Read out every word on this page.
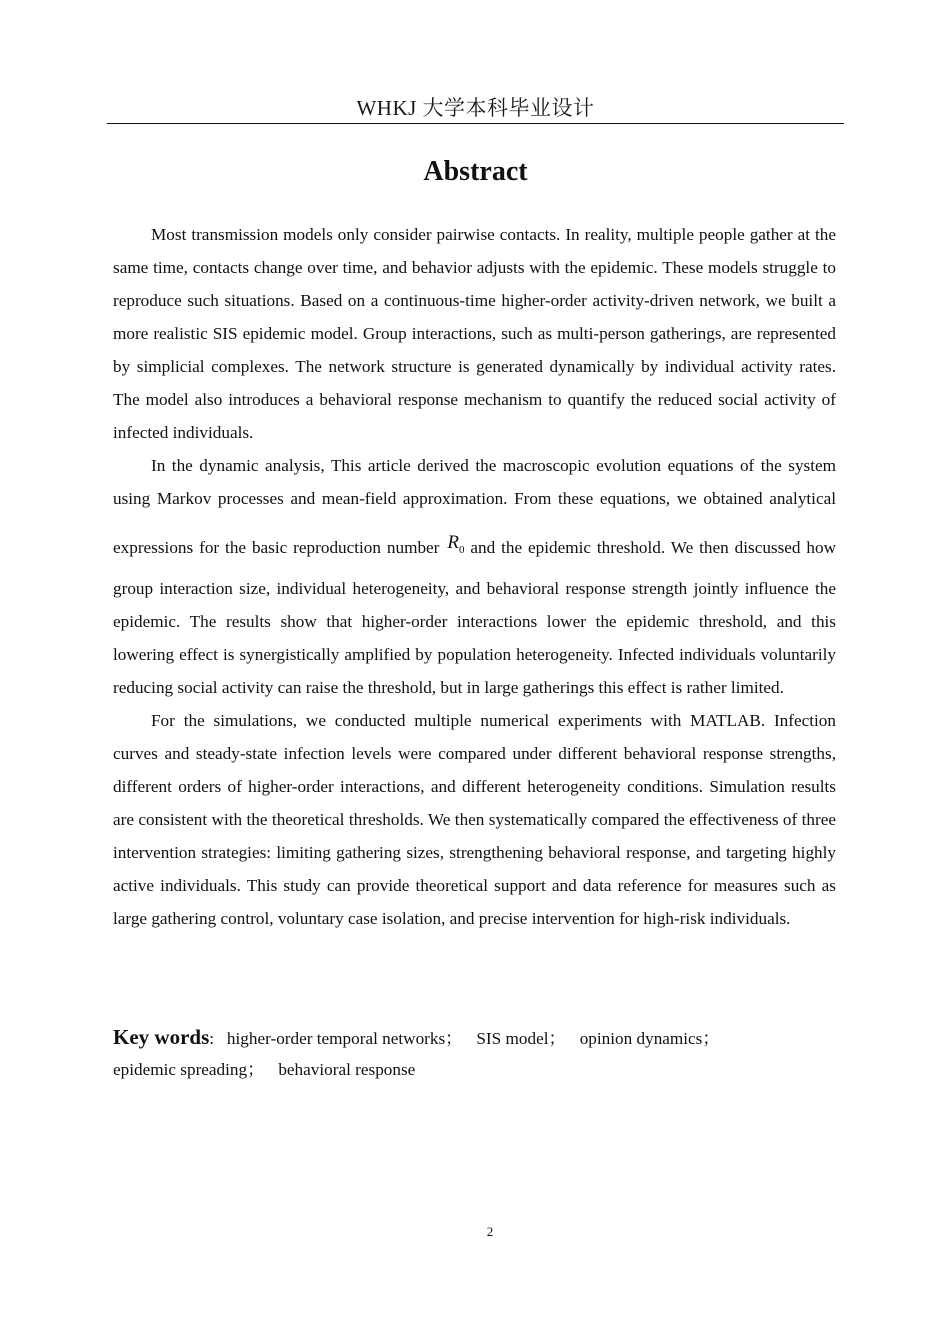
WHKJ 大学本科毕业设计
Abstract

Most transmission models only consider pairwise contacts. In reality, multiple people gather at the same time, contacts change over time, and behavior adjusts with the epidemic. These models struggle to reproduce such situations. Based on a continuous-time higher-order activity-driven network, we built a more realistic SIS epidemic model. Group interactions, such as multi-person gatherings, are represented by simplicial complexes. The network structure is generated dynamically by individual activity rates. The model also introduces a behavioral response mechanism to quantify the reduced social activity of infected individuals.

In the dynamic analysis, This article derived the macroscopic evolution equations of the system using Markov processes and mean-field approximation. From these equations, we obtained analytical expressions for the basic reproduction number $R_0$ and the epidemic threshold. We then discussed how group interaction size, individual heterogeneity, and behavioral response strength jointly influence the epidemic. The results show that higher-order interactions lower the epidemic threshold, and this lowering effect is synergistically amplified by population heterogeneity. Infected individuals voluntarily reducing social activity can raise the threshold, but in large gatherings this effect is rather limited.

For the simulations, we conducted multiple numerical experiments with MATLAB. Infection curves and steady-state infection levels were compared under different behavioral response strengths, different orders of higher-order interactions, and different heterogeneity conditions. Simulation results are consistent with the theoretical thresholds. We then systematically compared the effectiveness of three intervention strategies: limiting gathering sizes, strengthening behavioral response, and targeting highly active individuals. This study can provide theoretical support and data reference for measures such as large gathering control, voluntary case isolation, and precise intervention for high-risk individuals.

Key words: higher-order temporal networks； SIS model； opinion dynamics；
epidemic spreading； behavioral response
2
